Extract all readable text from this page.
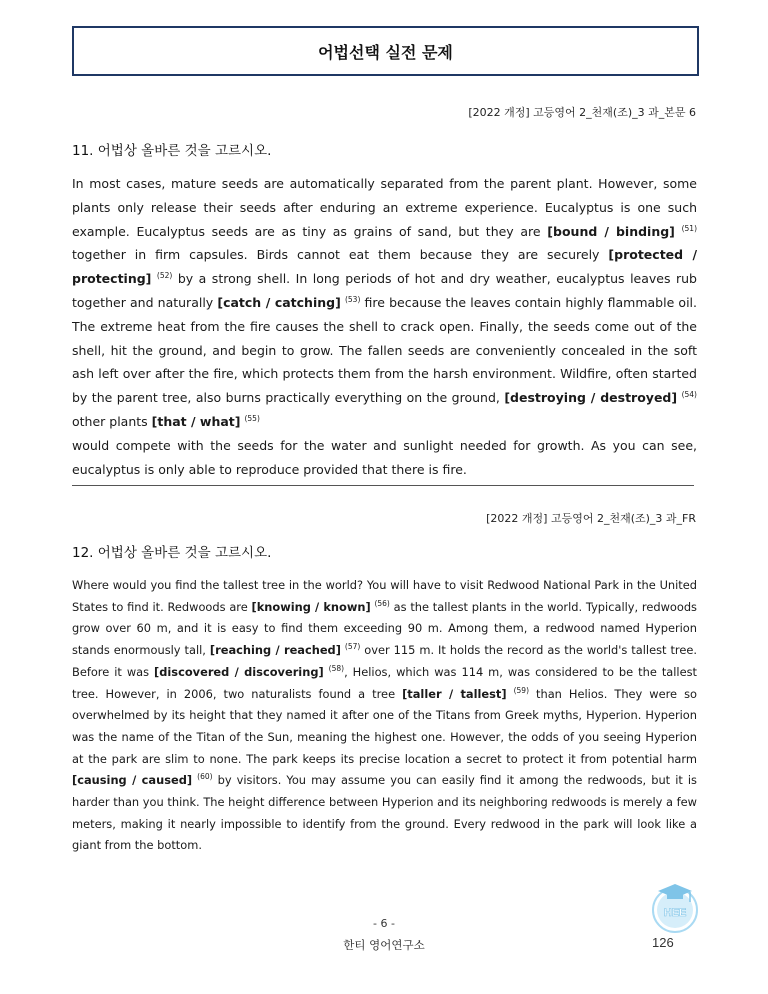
어법선택 실전 문제
[2022 개정] 고등영어 2_천재(조)_3 과_본문 6
11. 어법상 올바른 것을 고르시오.
In most cases, mature seeds are automatically separated from the parent plant. However, some plants only release their seeds after enduring an extreme experience. Eucalyptus is one such example. Eucalyptus seeds are as tiny as grains of sand, but they are [bound / binding] $^{(51)}$ together in firm capsules. Birds cannot eat them because they are securely [protected / protecting] $^{(52)}$ by a strong shell. In long periods of hot and dry weather, eucalyptus leaves rub together and naturally [catch / catching] $^{(53)}$ fire because the leaves contain highly flammable oil. The extreme heat from the fire causes the shell to crack open. Finally, the seeds come out of the shell, hit the ground, and begin to grow. The fallen seeds are conveniently concealed in the soft ash left over after the fire, which protects them from the harsh environment. Wildfire, often started by the parent tree, also burns practically everything on the ground, [destroying / destroyed] $^{(54)}$ other plants [that / what] $^{(55)}$
would compete with the seeds for the water and sunlight needed for growth. As you can see, eucalyptus is only able to reproduce provided that there is fire.
[2022 개정] 고등영어 2_천재(조)_3 과_FR
12. 어법상 올바른 것을 고르시오.
Where would you find the tallest tree in the world? You will have to visit Redwood National Park in the United States to find it. Redwoods are [knowing / known] $^{(56)}$ as the tallest plants in the world. Typically, redwoods grow over 60 m, and it is easy to find them exceeding 90 m. Among them, a redwood named Hyperion stands enormously tall, [reaching / reached] $^{(57)}$ over 115 m. It holds the record as the world's tallest tree. Before it was [discovered / discovering] $^{(58)}$, Helios, which was 114 m, was considered to be the tallest tree. However, in 2006, two naturalists found a tree [taller / tallest] $^{(59)}$ than Helios. They were so overwhelmed by its height that they named it after one of the Titans from Greek myths, Hyperion. Hyperion was the name of the Titan of the Sun, meaning the highest one. However, the odds of you seeing Hyperion at the park are slim to none. The park keeps its precise location a secret to protect it from potential harm [causing / caused] $^{(60)}$ by visitors. You may assume you can easily find it among the redwoods, but it is harder than you think. The height difference between Hyperion and its neighboring redwoods is merely a few meters, making it nearly impossible to identify from the ground. Every redwood in the park will look like a giant from the bottom.
HEE
- 6 -
한티 영어연구소	126
